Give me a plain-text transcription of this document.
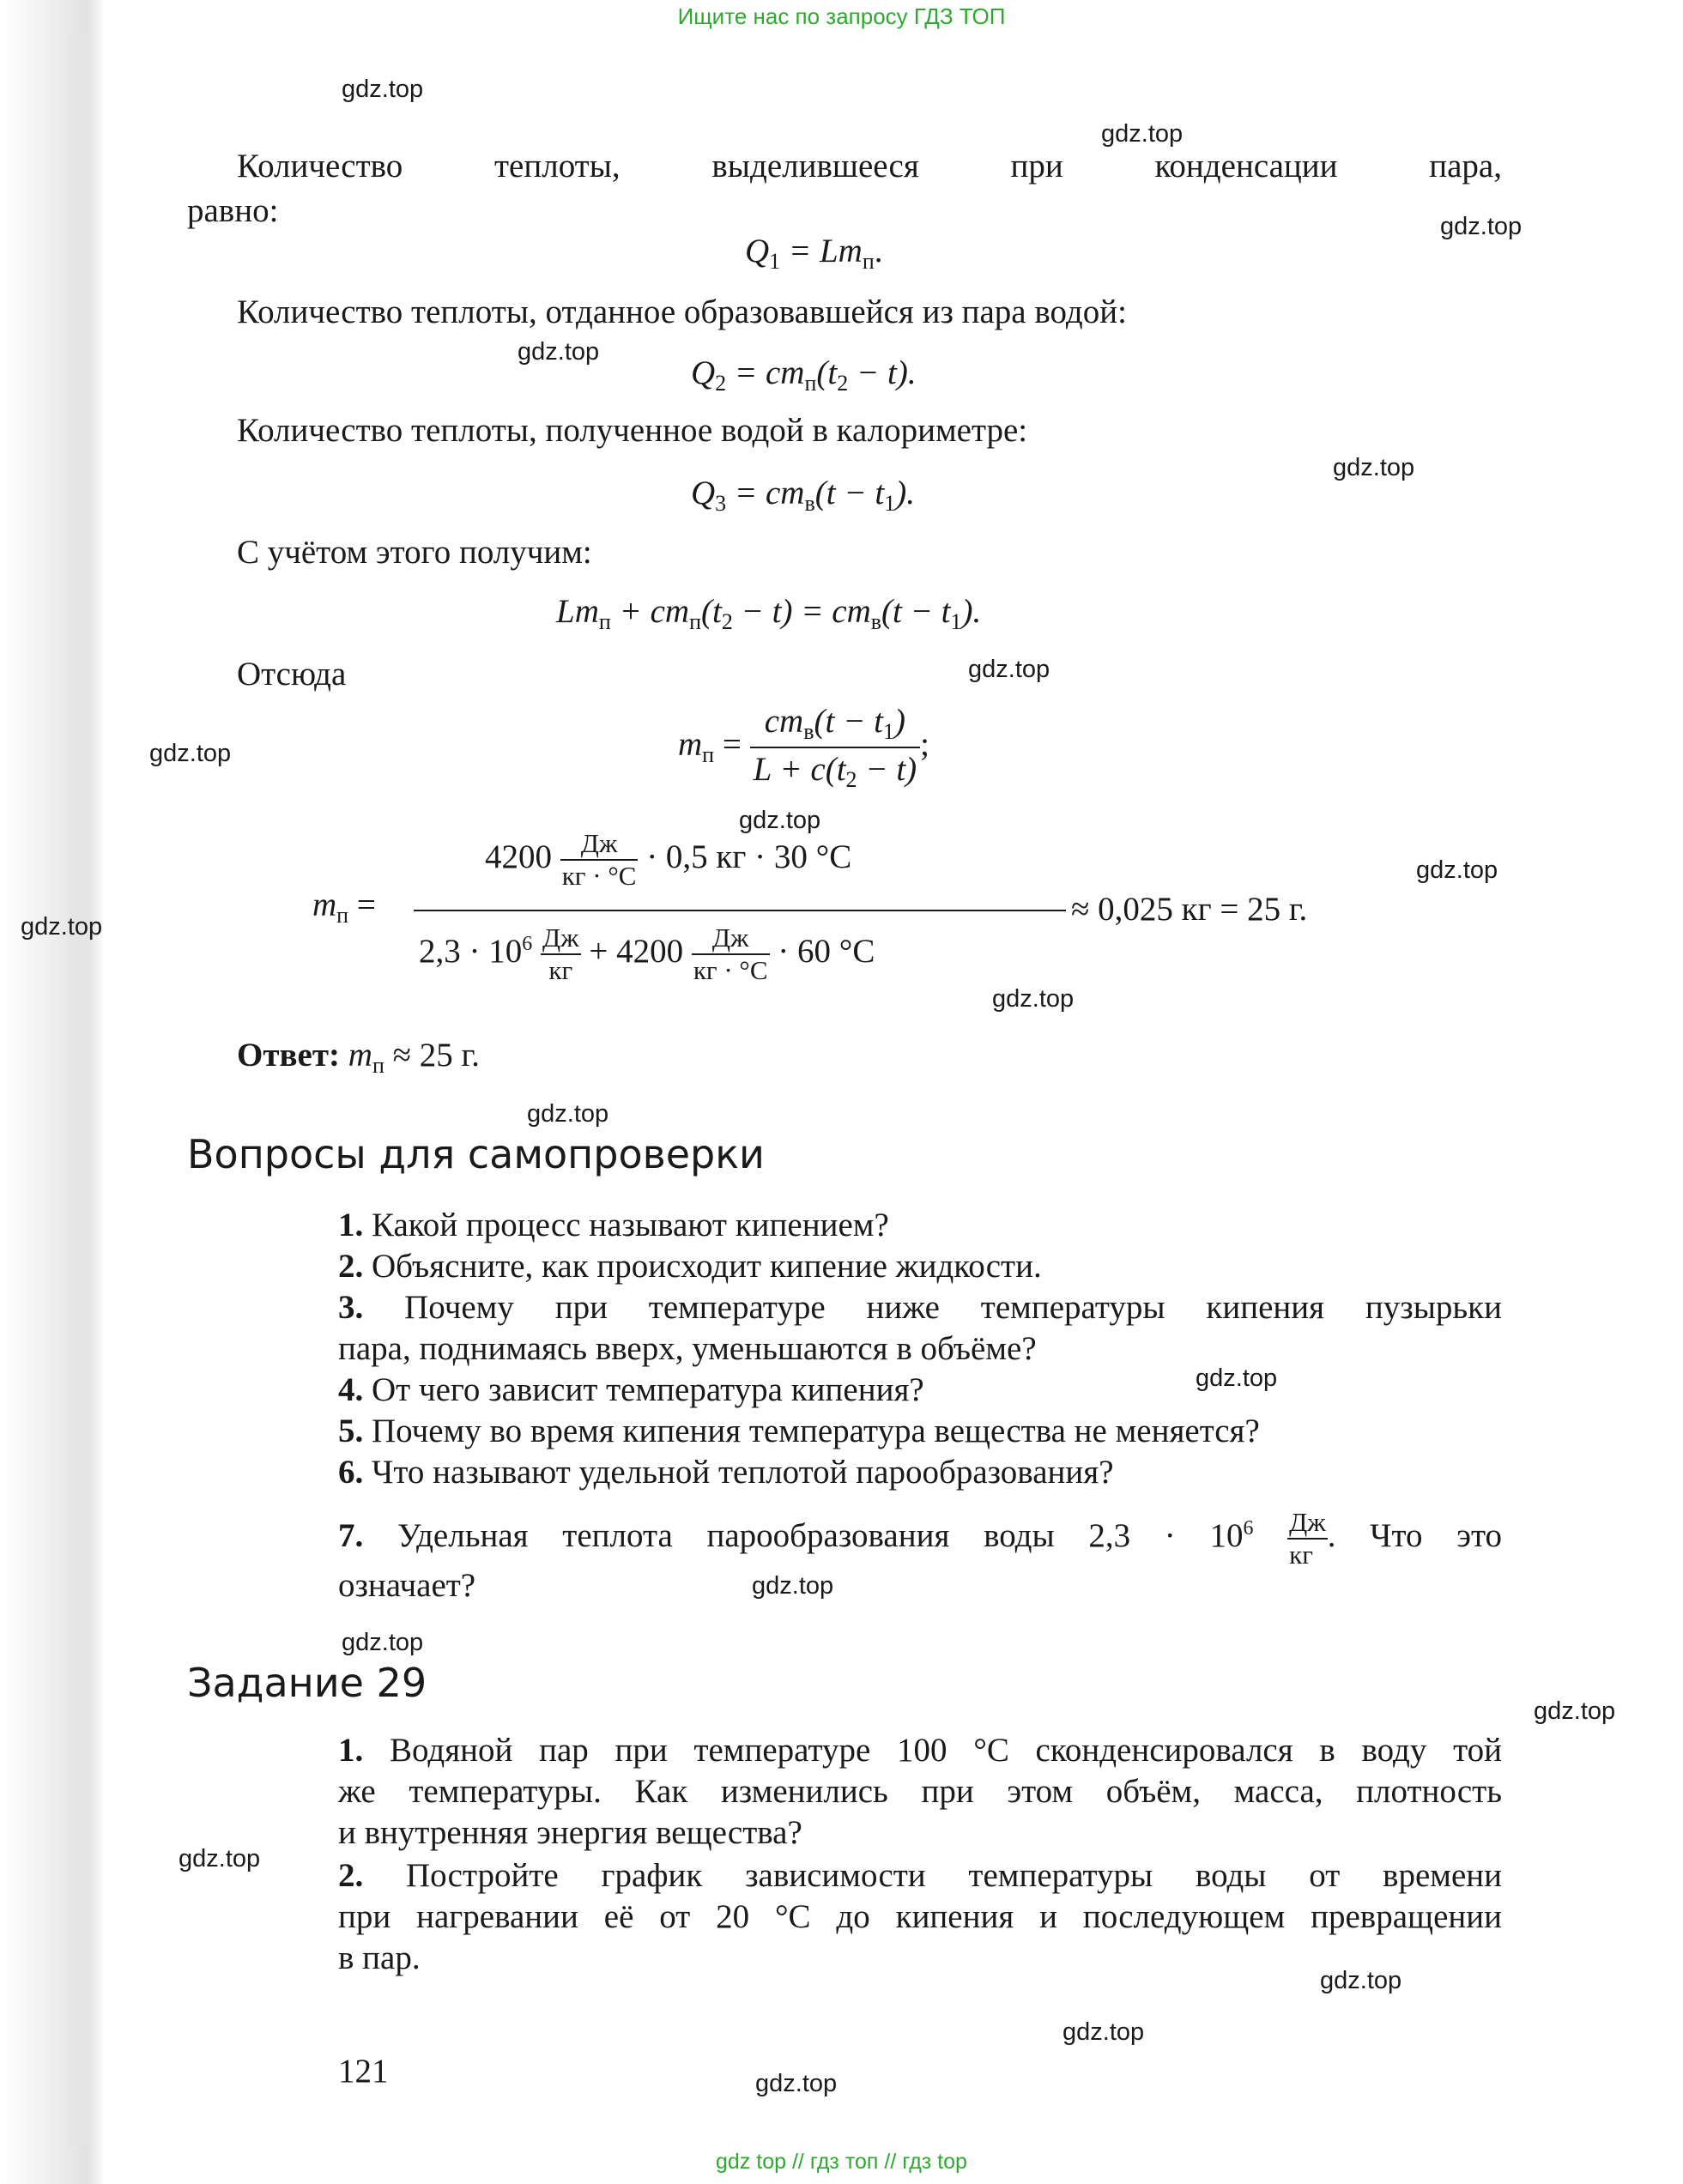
Ищите нас по запросу ГДЗ ТОП
gdz.top
gdz.top
gdz.top
gdz.top
gdz.top
gdz.top
gdz.top
gdz.top
gdz.top
gdz.top
gdz.top
gdz.top
gdz.top
gdz.top
gdz.top
gdz.top
gdz.top
gdz.top
gdz.top
gdz.top
Количество теплоты, выделившееся при конденсации пара,
равно:
$Q_1 = Lm_п$.
Количество теплоты, отданное образовавшейся из пара водой:
$Q_2 = cm_п(t_2 - t)$.
Количество теплоты, полученное водой в калориметре:
$Q_3 = cm_в(t - t_1)$.
С учётом этого получим:
$Lm_п + cm_п(t_2 - t) = cm_в(t - t_1)$.
Отсюда
$m_п = \frac{cm_в(t - t_1)}{L + c(t_2 - t)}$ ;
$m_п$ =
$4200 \frac{Дж}{кг \cdot ^\circ С} \cdot 0,5$ кг · 30 °С
$2,3 \cdot 10^6 \frac{Дж}{кг} + 4200 \frac{Дж}{кг \cdot ^\circ С} \cdot 60$ °С
≈ 0,025 кг = 25 г.
Ответ: $m_п \approx 25$ г.
Вопросы для самопроверки
1. Какой процесс называют кипением?
2. Объясните, как происходит кипение жидкости.
3. Почему при температуре ниже температуры кипения пузырьки
пара, поднимаясь вверх, уменьшаются в объёме?
4. От чего зависит температура кипения?
5. Почему во время кипения температура вещества не меняется?
6. Что называют удельной теплотой парообразования?
7. Удельная теплота парообразования воды $2,3 \cdot 10^6 \frac{Дж}{кг}$ . Что это
означает?
Задание 29
1. Водяной пар при температуре 100 °С сконденсировался в воду той
же температуры. Как изменились при этом объём, масса, плотность
и внутренняя энергия вещества?
2. Постройте график зависимости температуры воды от времени
при нагревании её от 20 °С до кипения и последующем превращении
в пар.
121
gdz top // гдз топ // гдз top
